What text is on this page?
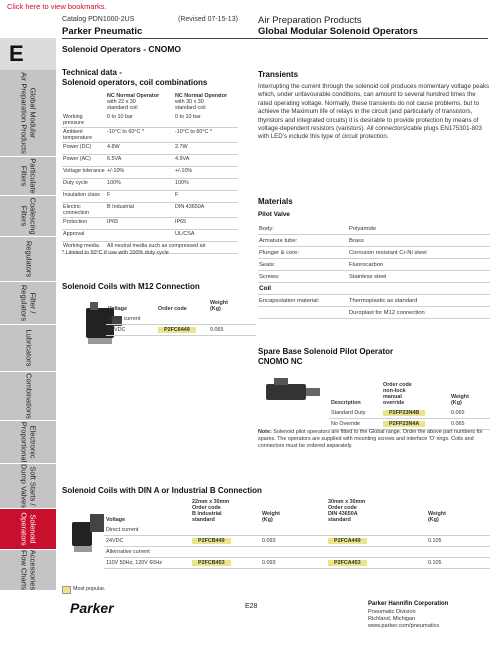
Click here to view bookmarks.
Catalog PDN1000-2US	(Revised 07-15-13)
Parker Pneumatic
Air Preparation Products
Global Modular Solenoid Operators
E
Global Modular
Air Preparation Products
Particulate
Filters
Coalescing
Filters
Regulators
Filter /
Regulators
Lubricators
Combinations
Electronic
Proportional
Soft Starts /
Dump Valves
Solenoid
Operators
Accessories
Flow Charts
Solenoid Operators - CNOMO
Technical data -
Solenoid operators, coil combinations
	NC Normal Operator
with 22 x 30
standard coil	NC Normal Operator
with 30 x 30
standard coil
Working pressure	0 to 10 bar	0 to 10 bar
Ambient temperature	-10°C to 60°C *	-10°C to 60°C *
Power (DC)	4.8W	2.7W
Power (AC)	6.5VA	4.9VA
Voltage tolerance	+/-10%	+/-10%
Duty cycle	100%	100%
Insulation class	F	F
Electric connection	B Industrial	DIN 43650A
Protection	IP65	IP65
Approval		UL/CSA
Working media	All neutral media such as compressed air	
* Limited to 50°C if use with 100% duty cycle
Solenoid Coils with M12 Connection
Voltage	Order code	Weight
(Kg)
Direct current		
24VDC	P2FC6449	0.065
Transients
Interrupting the current through the solenoid coil produces momentary voltage peaks which, under unfavourable conditions, can amount to several hundred times the rated operating voltage. Normally, these transients do not cause problems, but to achieve the Maximum life of relays in the circuit (and particularly of transistors, thyristors and integrated circuits) it is desirable to provide protection by means of voltage-dependent resistors (varistors). All connectors/cable plugs EN175301-803 with LED's include this type of circuit protection.
Materials
Pilot Valve
Body:	Polyamide
Armature tube:	Brass
Plunger & core:	Corrosion resistant Cr-Ni steel
Seals:	Fluorocarbon
Screws:	Stainless steel
Coil	
Encapsulation material:	Thermoplastic as standard
	Duroplast for M12 connection
Spare Base Solenoid Pilot Operator
CNOMO NC
Description	Order code
non-lock
manual
override	Weight
(Kg)
Standard Duty	P2FP23N4B	0.065
No Override	P2FP23N4A	0.065
Note: Solenoid pilot operators are fitted to the Global range. Order the above part numbers for spares. The operators are supplied with mounting screws and interface 'O' rings. Coils and connectors must be ordered separately.
Solenoid Coils with DIN A or Industrial B Connection
Voltage	22mm x 30mm
Order code
B Industrial
standard	Weight
(Kg)	30mm x 30mm
Order code
DIN 43650A
standard	Weight
(Kg)
Direct current				
24VDC	P2FCB449	0.093	P2FCA449	0.105
Alternative current				
110V 50Hz, 120V 60Hz	P2FCB453	0.093	P2FCA453	0.105
Most popular.
E28
Parker	Parker Hannifin Corporation
Pneumatic Division
Richland, Michigan
www.parker.com/pneumatics
